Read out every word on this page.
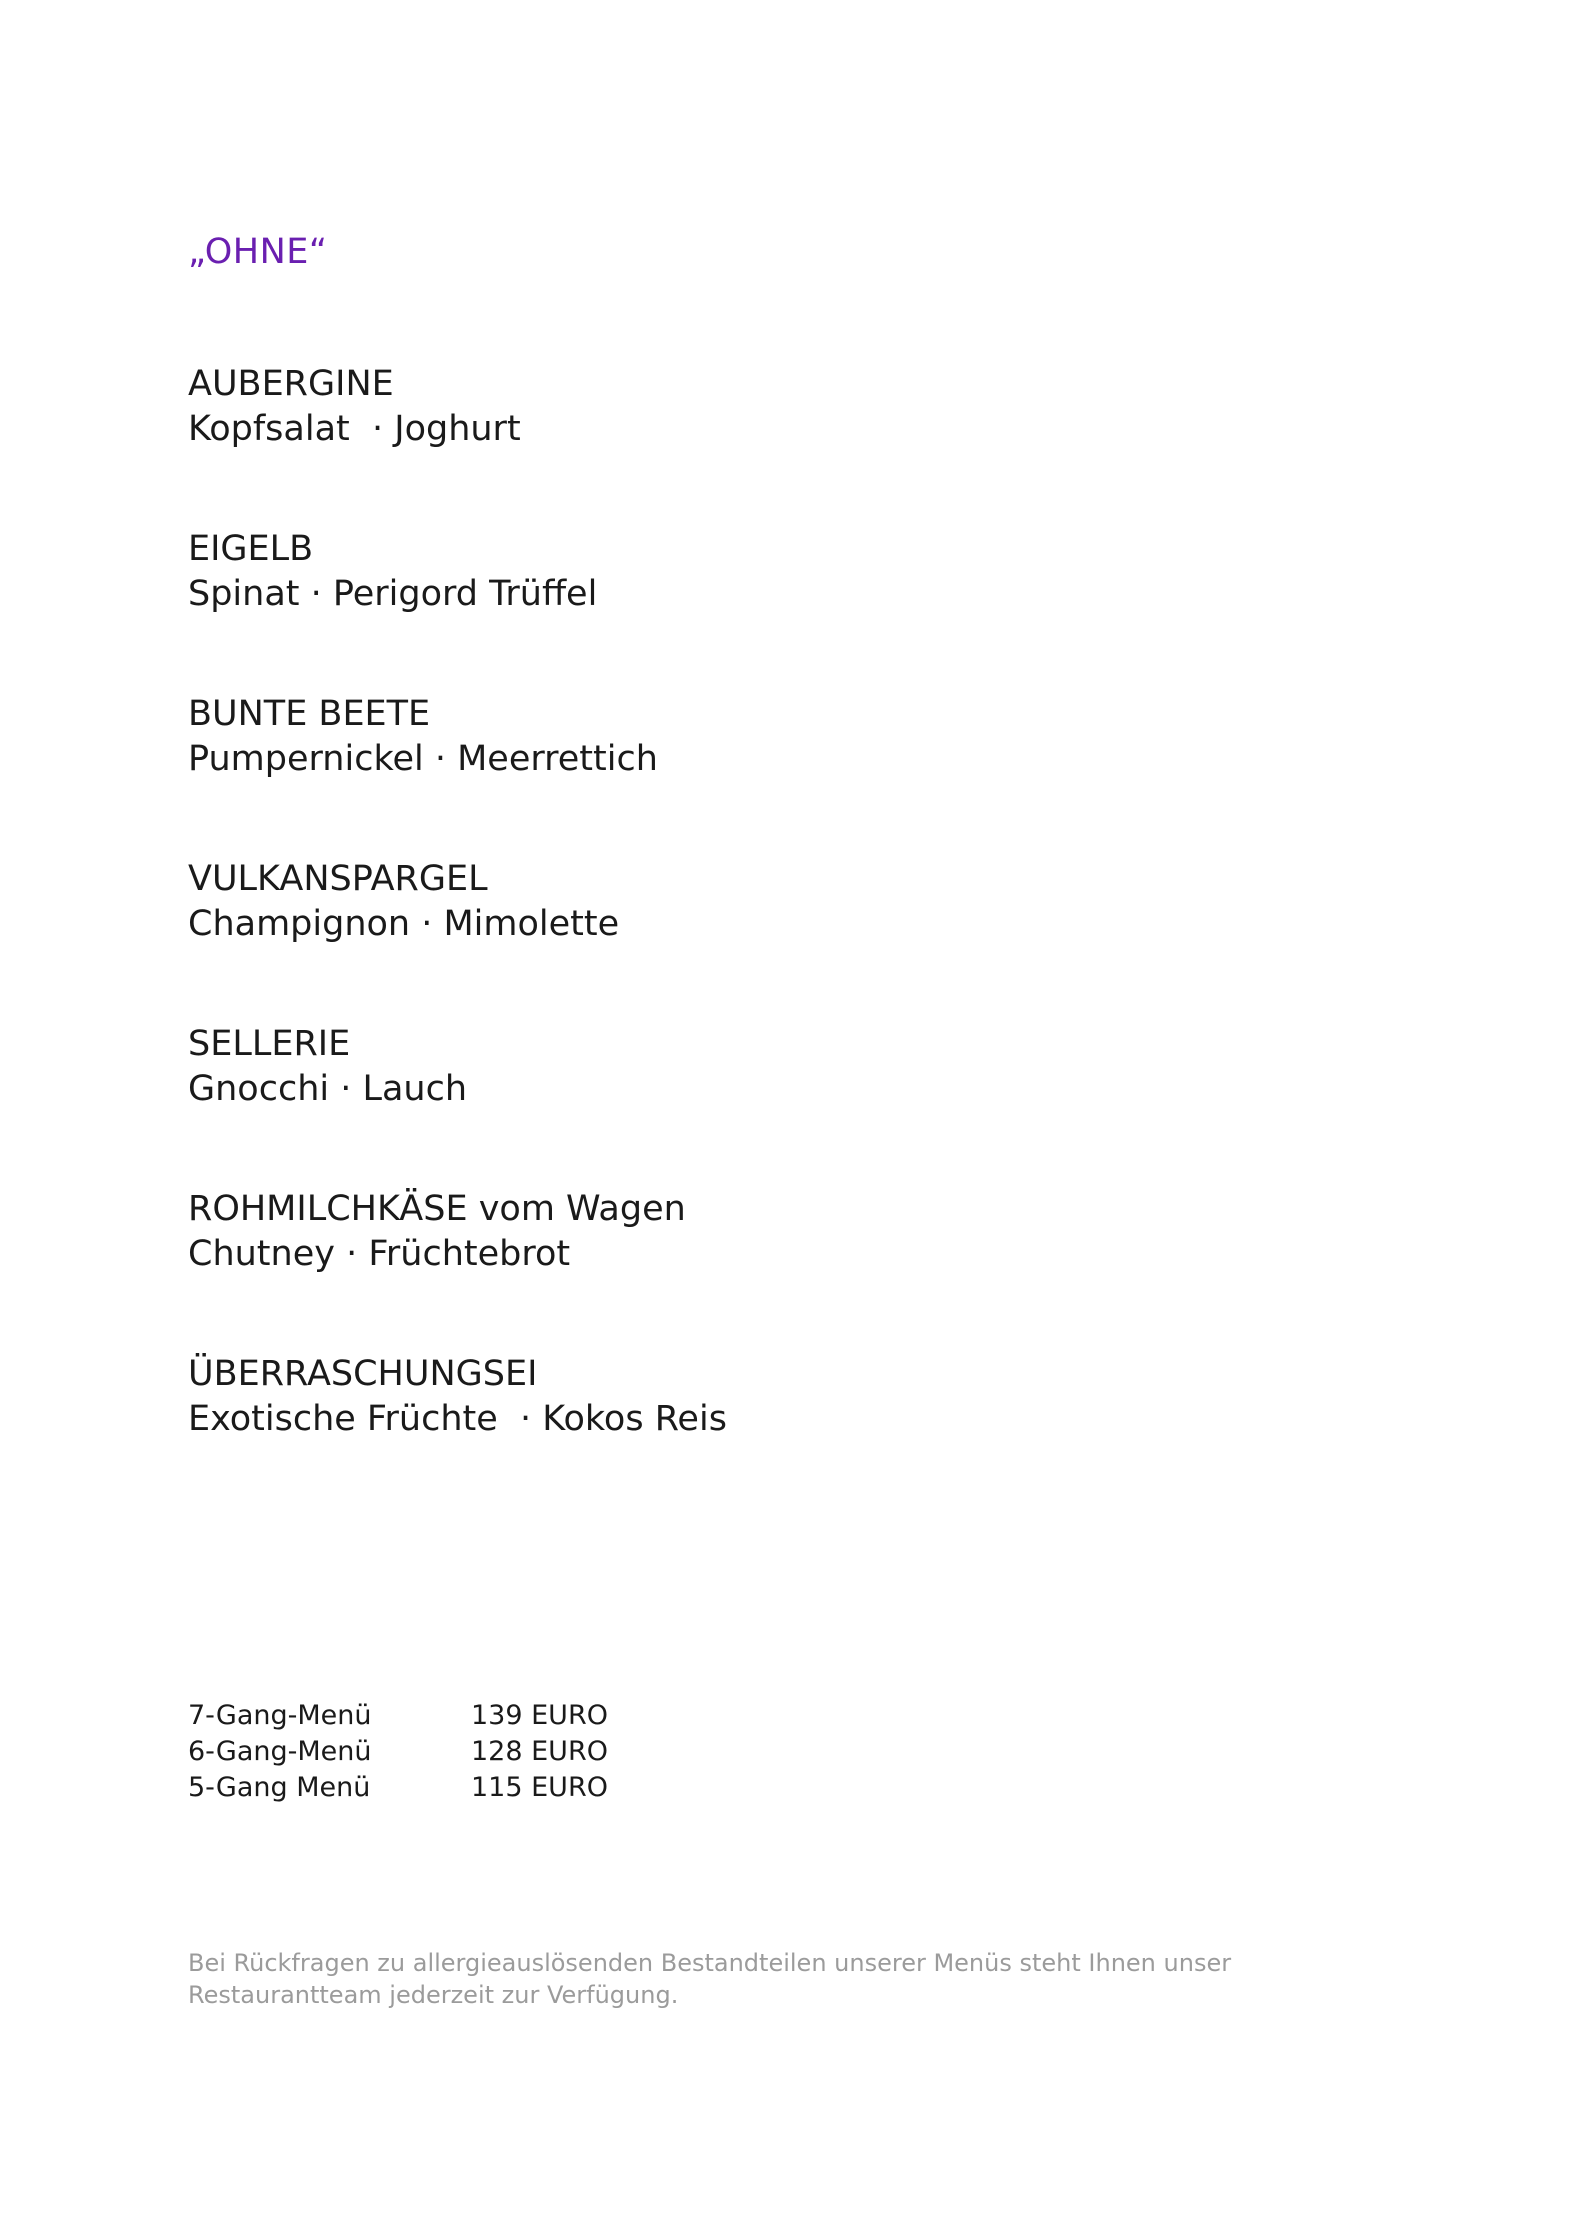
„OHNE“
AUBERGINE
Kopfsalat  · Joghurt
EIGELB
Spinat · Perigord Trüffel
BUNTE BEETE
Pumpernickel · Meerrettich
VULKANSPARGEL
Champignon · Mimolette
SELLERIE
Gnocchi · Lauch
ROHMILCHKÄSE vom Wagen
Chutney · Früchtebrot
ÜBERRASCHUNGSEI
Exotische Früchte  · Kokos Reis
7-Gang-Menü	139 EURO
6-Gang-Menü	128 EURO
5-Gang Menü	115 EURO

Bei Rückfragen zu allergieauslösenden Bestandteilen unserer Menüs steht Ihnen unser Restaurantteam jederzeit zur Verfügung.
